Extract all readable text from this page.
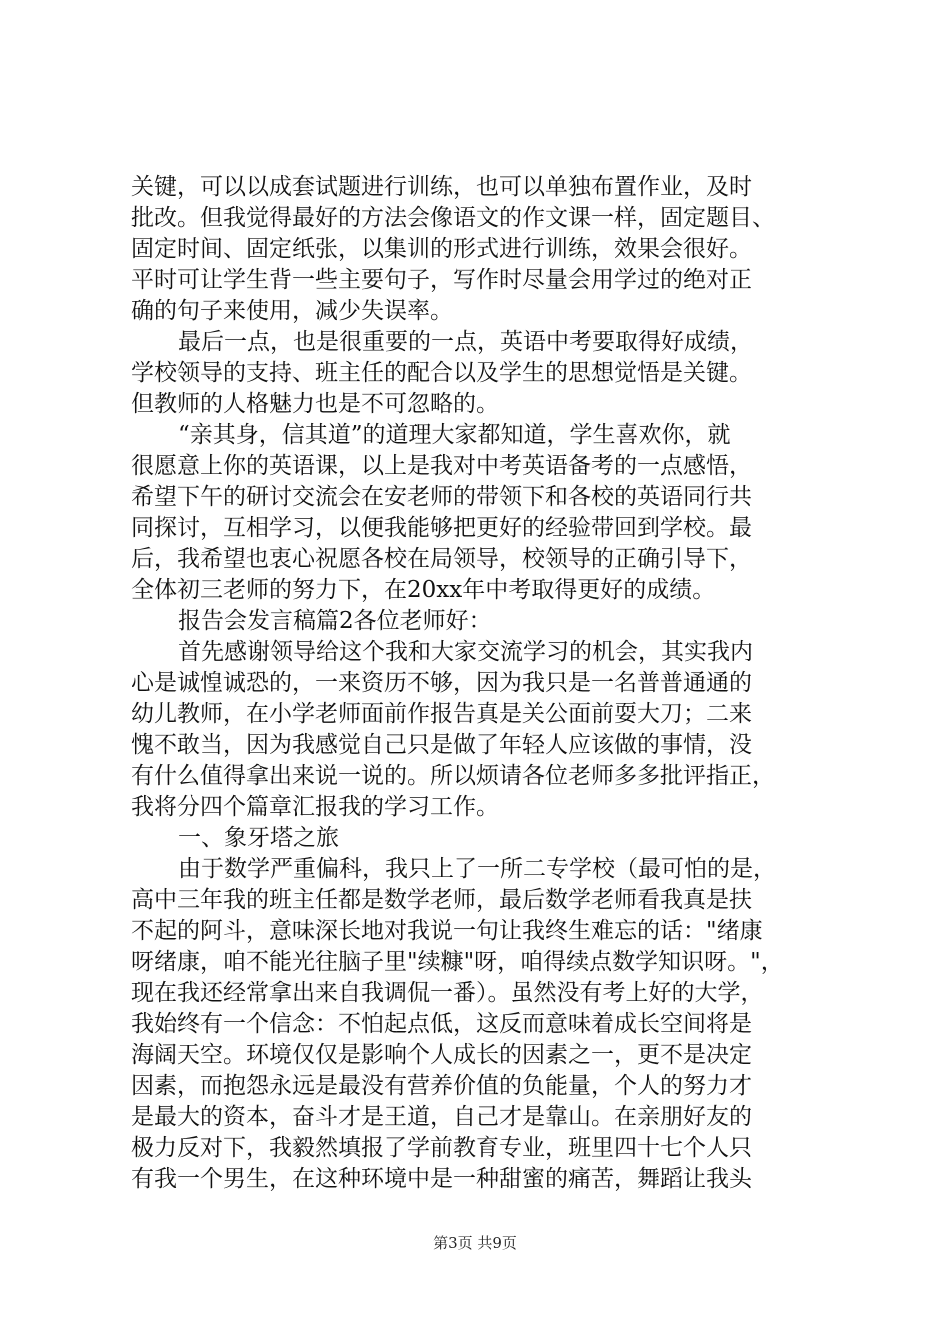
关键，可以以成套试题进行训练，也可以单独布置作业，及时
批改。但我觉得最好的方法会像语文的作文课一样，固定题目、
固定时间、固定纸张，以集训的形式进行训练，效果会很好。
平时可让学生背一些主要句子，写作时尽量会用学过的绝对正
确的句子来使用，减少失误率。
最后一点，也是很重要的一点，英语中考要取得好成绩，
学校领导的支持、班主任的配合以及学生的思想觉悟是关键。
但教师的人格魅力也是不可忽略的。
“亲其身，信其道”的道理大家都知道，学生喜欢你，就
很愿意上你的英语课，以上是我对中考英语备考的一点感悟，
希望下午的研讨交流会在安老师的带领下和各校的英语同行共
同探讨，互相学习，以便我能够把更好的经验带回到学校。最
后，我希望也衷心祝愿各校在局领导，校领导的正确引导下，
全体初三老师的努力下，在20xx年中考取得更好的成绩。
报告会发言稿篇2各位老师好：
首先感谢领导给这个我和大家交流学习的机会，其实我内
心是诚惶诚恐的，一来资历不够，因为我只是一名普普通通的
幼儿教师，在小学老师面前作报告真是关公面前耍大刀；二来
愧不敢当，因为我感觉自己只是做了年轻人应该做的事情，没
有什么值得拿出来说一说的。所以烦请各位老师多多批评指正，
我将分四个篇章汇报我的学习工作。
一、象牙塔之旅
由于数学严重偏科，我只上了一所二专学校（最可怕的是，
高中三年我的班主任都是数学老师，最后数学老师看我真是扶
不起的阿斗，意味深长地对我说一句让我终生难忘的话："绪康
呀绪康，咱不能光往脑子里"续糠"呀，咱得续点数学知识呀。"，
现在我还经常拿出来自我调侃一番）。虽然没有考上好的大学，
我始终有一个信念：不怕起点低，这反而意味着成长空间将是
海阔天空。环境仅仅是影响个人成长的因素之一，更不是决定
因素，而抱怨永远是最没有营养价值的负能量，个人的努力才
是最大的资本，奋斗才是王道，自己才是靠山。在亲朋好友的
极力反对下，我毅然填报了学前教育专业，班里四十七个人只
有我一个男生，在这种环境中是一种甜蜜的痛苦，舞蹈让我头
第3页 共9页
